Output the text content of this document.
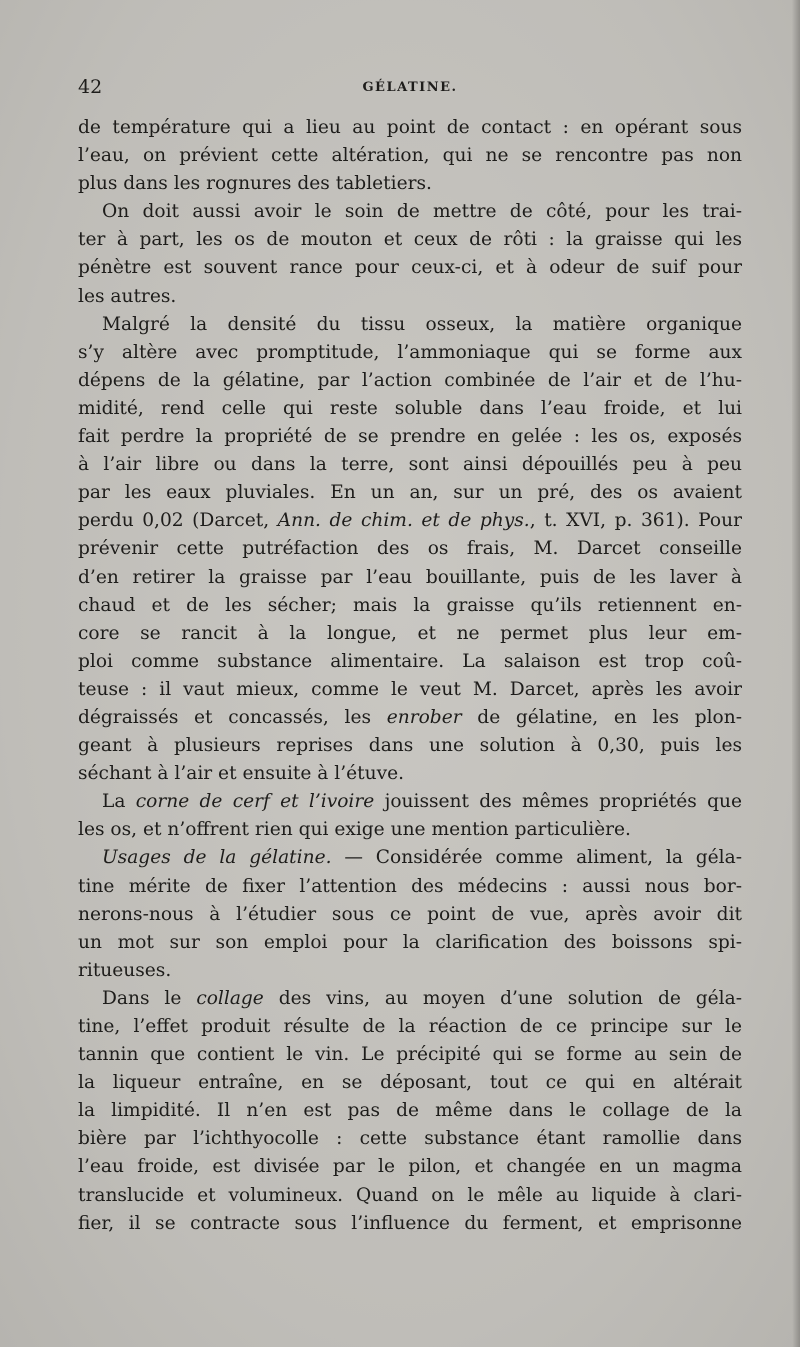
42	GÉLATINE.
de température qui a lieu au point de contact : en opérant sous
l’eau, on prévient cette altération, qui ne se rencontre pas non
plus dans les rognures des tabletiers.
On doit aussi avoir le soin de mettre de côté, pour les trai-
ter à part, les os de mouton et ceux de rôti : la graisse qui les
pénètre est souvent rance pour ceux-ci, et à odeur de suif pour
les autres.
Malgré la densité du tissu osseux, la matière organique
s’y altère avec promptitude, l’ammoniaque qui se forme aux
dépens de la gélatine, par l’action combinée de l’air et de l’hu-
midité, rend celle qui reste soluble dans l’eau froide, et lui
fait perdre la propriété de se prendre en gelée : les os, exposés
à l’air libre ou dans la terre, sont ainsi dépouillés peu à peu
par les eaux pluviales. En un an, sur un pré, des os avaient
perdu 0,02 (Darcet, Ann. de chim. et de phys., t. XVI, p. 361). Pour
prévenir cette putréfaction des os frais, M. Darcet conseille
d’en retirer la graisse par l’eau bouillante, puis de les laver à
chaud et de les sécher; mais la graisse qu’ils retiennent en-
core se rancit à la longue, et ne permet plus leur em-
ploi comme substance alimentaire. La salaison est trop coû-
teuse : il vaut mieux, comme le veut M. Darcet, après les avoir
dégraissés et concassés, les enrober de gélatine, en les plon-
geant à plusieurs reprises dans une solution à 0,30, puis les
séchant à l’air et ensuite à l’étuve.
La corne de cerf et l’ivoire jouissent des mêmes propriétés que
les os, et n’offrent rien qui exige une mention particulière.
Usages de la gélatine. — Considérée comme aliment, la géla-
tine mérite de fixer l’attention des médecins : aussi nous bor-
nerons-nous à l’étudier sous ce point de vue, après avoir dit
un mot sur son emploi pour la clarification des boissons spi-
ritueuses.
Dans le collage des vins, au moyen d’une solution de géla-
tine, l’effet produit résulte de la réaction de ce principe sur le
tannin que contient le vin. Le précipité qui se forme au sein de
la liqueur entraîne, en se déposant, tout ce qui en altérait
la limpidité. Il n’en est pas de même dans le collage de la
bière par l’ichthyocolle : cette substance étant ramollie dans
l’eau froide, est divisée par le pilon, et changée en un magma
translucide et volumineux. Quand on le mêle au liquide à clari-
fier, il se contracte sous l’influence du ferment, et emprisonne
